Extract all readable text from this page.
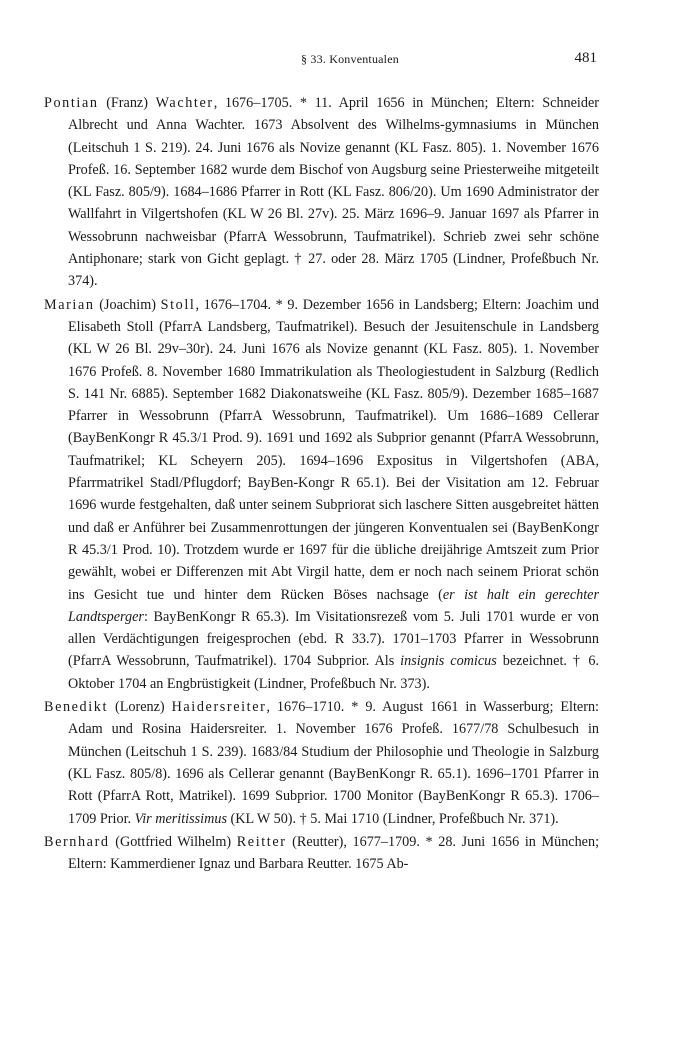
§ 33. Konventualen	481

Pontian (Franz) Wachter, 1676–1705. * 11. April 1656 in München; Eltern: Schneider Albrecht und Anna Wachter. 1673 Absolvent des Wilhelms-gymnasiums in München (Leitschuh 1 S. 219). 24. Juni 1676 als Novize genannt (KL Fasz. 805). 1. November 1676 Profeß. 16. September 1682 wurde dem Bischof von Augsburg seine Priesterweihe mitgeteilt (KL Fasz. 805/9). 1684–1686 Pfarrer in Rott (KL Fasz. 806/20). Um 1690 Administrator der Wallfahrt in Vilgertshofen (KL W 26 Bl. 27v). 25. März 1696–9. Januar 1697 als Pfarrer in Wessobrunn nachweisbar (PfarrA Wessobrunn, Taufmatrikel). Schrieb zwei sehr schöne Antiphonare; stark von Gicht geplagt. † 27. oder 28. März 1705 (Lindner, Profeßbuch Nr. 374).

Marian (Joachim) Stoll, 1676–1704. * 9. Dezember 1656 in Landsberg; Eltern: Joachim und Elisabeth Stoll (PfarrA Landsberg, Taufmatrikel). Besuch der Jesuitenschule in Landsberg (KL W 26 Bl. 29v–30r). 24. Juni 1676 als Novize genannt (KL Fasz. 805). 1. November 1676 Profeß. 8. November 1680 Immatrikulation als Theologiestudent in Salzburg (Redlich S. 141 Nr. 6885). September 1682 Diakonatsweihe (KL Fasz. 805/9). Dezember 1685–1687 Pfarrer in Wessobrunn (PfarrA Wessobrunn, Taufmatrikel). Um 1686–1689 Cellerar (BayBenKongr R 45.3/1 Prod. 9). 1691 und 1692 als Subprior genannt (PfarrA Wessobrunn, Taufmatrikel; KL Scheyern 205). 1694–1696 Expositus in Vilgertshofen (ABA, Pfarrmatrikel Stadl/Pflugdorf; BayBen-Kongr R 65.1). Bei der Visitation am 12. Februar 1696 wurde festgehalten, daß unter seinem Subpriorat sich laschere Sitten ausgebreitet hätten und daß er Anführer bei Zusammenrottungen der jüngeren Konventualen sei (BayBenKongr R 45.3/1 Prod. 10). Trotzdem wurde er 1697 für die übliche dreijährige Amtszeit zum Prior gewählt, wobei er Differenzen mit Abt Virgil hatte, dem er noch nach seinem Priorat schön ins Gesicht tue und hinter dem Rücken Böses nachsage (er ist halt ein gerechter Landtsperger: BayBenKongr R 65.3). Im Visitationsrezeß vom 5. Juli 1701 wurde er von allen Verdächtigungen freigesprochen (ebd. R 33.7). 1701–1703 Pfarrer in Wessobrunn (PfarrA Wessobrunn, Taufmatrikel). 1704 Subprior. Als insignis comicus bezeichnet. † 6. Oktober 1704 an Engbrüstigkeit (Lindner, Profeßbuch Nr. 373).

Benedikt (Lorenz) Haidersreiter, 1676–1710. * 9. August 1661 in Wasserburg; Eltern: Adam und Rosina Haidersreiter. 1. November 1676 Profeß. 1677/78 Schulbesuch in München (Leitschuh 1 S. 239). 1683/84 Studium der Philosophie und Theologie in Salzburg (KL Fasz. 805/8). 1696 als Cellerar genannt (BayBenKongr R. 65.1). 1696–1701 Pfarrer in Rott (PfarrA Rott, Matrikel). 1699 Subprior. 1700 Monitor (BayBenKongr R 65.3). 1706–1709 Prior. Vir meritissimus (KL W 50). † 5. Mai 1710 (Lindner, Profeßbuch Nr. 371).

Bernhard (Gottfried Wilhelm) Reitter (Reutter), 1677–1709. * 28. Juni 1656 in München; Eltern: Kammerdiener Ignaz und Barbara Reutter. 1675 Ab-
